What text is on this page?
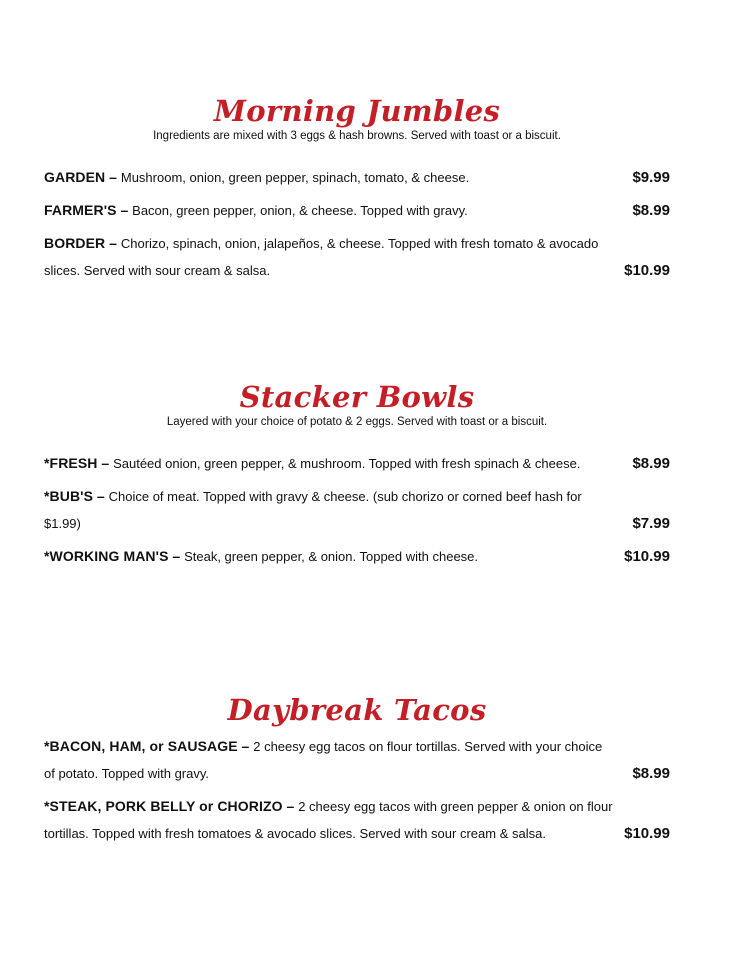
Morning Jumbles

Ingredients are mixed with 3 eggs & hash browns. Served with toast or a biscuit.

GARDEN – Mushroom, onion, green pepper, spinach, tomato, & cheese.	$9.99
FARMER'S – Bacon, green pepper, onion, & cheese. Topped with gravy.	$8.99
BORDER – Chorizo, spinach, onion, jalapeños, & cheese. Topped with fresh tomato & avocado slices. Served with sour cream & salsa.	$10.99
Stacker Bowls

Layered with your choice of potato & 2 eggs. Served with toast or a biscuit.

*FRESH – Sautéed onion, green pepper, & mushroom. Topped with fresh spinach & cheese.	$8.99
*BUB'S – Choice of meat. Topped with gravy & cheese. (sub chorizo or corned beef hash for $1.99)	$7.99
*WORKING MAN'S – Steak, green pepper, & onion. Topped with cheese.	$10.99
Daybreak Tacos
*BACON, HAM, or SAUSAGE – 2 cheesy egg tacos on flour tortillas. Served with your choice of potato. Topped with gravy.	$8.99
*STEAK, PORK BELLY or CHORIZO – 2 cheesy egg tacos with green pepper & onion on flour tortillas. Topped with fresh tomatoes & avocado slices. Served with sour cream & salsa.	$10.99
